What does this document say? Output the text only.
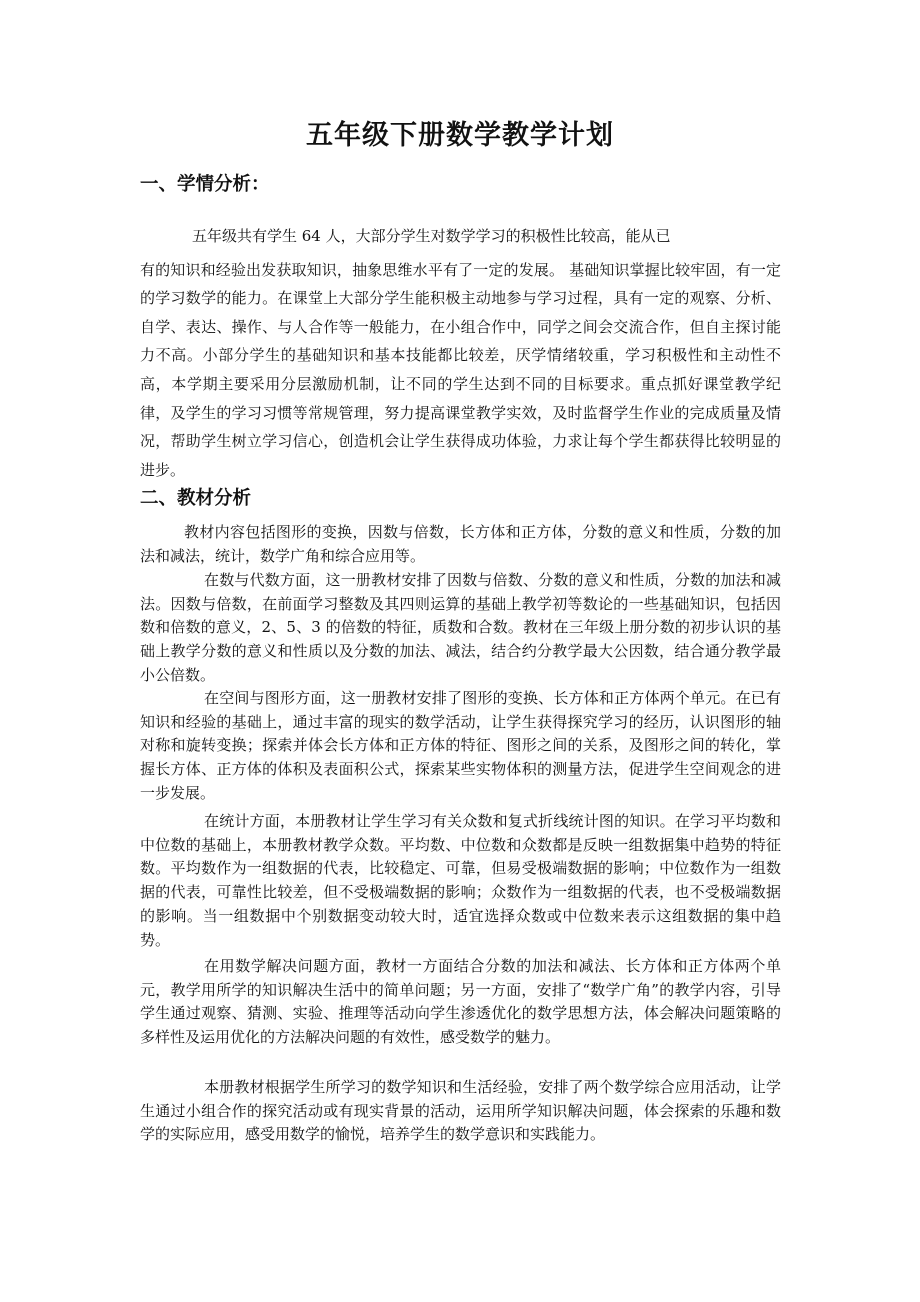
五年级下册数学教学计划
一、学情分析：

五年级共有学生 64 人，大部分学生对数学学习的积极性比较高，能从已
有的知识和经验出发获取知识，抽象思维水平有了一定的发展。 基础知识掌握比较牢固，有一定的学习数学的能力。在课堂上大部分学生能积极主动地参与学习过程，具有一定的观察、分析、自学、表达、操作、与人合作等一般能力，在小组合作中，同学之间会交流合作，但自主探讨能力不高。小部分学生的基础知识和基本技能都比较差，厌学情绪较重，学习积极性和主动性不高，本学期主要采用分层激励机制，让不同的学生达到不同的目标要求。重点抓好课堂教学纪律，及学生的学习习惯等常规管理，努力提高课堂教学实效，及时监督学生作业的完成质量及情况，帮助学生树立学习信心，创造机会让学生获得成功体验，力求让每个学生都获得比较明显的进步。

二、教材分析

教材内容包括图形的变换，因数与倍数，长方体和正方体，分数的意义和性质，分数的加法和减法，统计，数学广角和综合应用等。

在数与代数方面，这一册教材安排了因数与倍数、分数的意义和性质，分数的加法和减法。因数与倍数，在前面学习整数及其四则运算的基础上教学初等数论的一些基础知识，包括因数和倍数的意义，2、5、3 的倍数的特征，质数和合数。教材在三年级上册分数的初步认识的基础上教学分数的意义和性质以及分数的加法、减法，结合约分教学最大公因数，结合通分教学最小公倍数。

在空间与图形方面，这一册教材安排了图形的变换、长方体和正方体两个单元。在已有知识和经验的基础上，通过丰富的现实的数学活动，让学生获得探究学习的经历，认识图形的轴对称和旋转变换；探索并体会长方体和正方体的特征、图形之间的关系，及图形之间的转化，掌握长方体、正方体的体积及表面积公式，探索某些实物体积的测量方法，促进学生空间观念的进一步发展。

在统计方面，本册教材让学生学习有关众数和复式折线统计图的知识。在学习平均数和中位数的基础上，本册教材教学众数。平均数、中位数和众数都是反映一组数据集中趋势的特征数。平均数作为一组数据的代表，比较稳定、可靠，但易受极端数据的影响；中位数作为一组数据的代表，可靠性比较差，但不受极端数据的影响；众数作为一组数据的代表，也不受极端数据的影响。当一组数据中个别数据变动较大时，适宜选择众数或中位数来表示这组数据的集中趋势。

在用数学解决问题方面，教材一方面结合分数的加法和减法、长方体和正方体两个单元，教学用所学的知识解决生活中的简单问题；另一方面，安排了“数学广角”的教学内容，引导学生通过观察、猜测、实验、推理等活动向学生渗透优化的数学思想方法，体会解决问题策略的多样性及运用优化的方法解决问题的有效性，感受数学的魅力。

本册教材根据学生所学习的数学知识和生活经验，安排了两个数学综合应用活动，让学生通过小组合作的探究活动或有现实背景的活动，运用所学知识解决问题，体会探索的乐趣和数学的实际应用，感受用数学的愉悦，培养学生的数学意识和实践能力。
